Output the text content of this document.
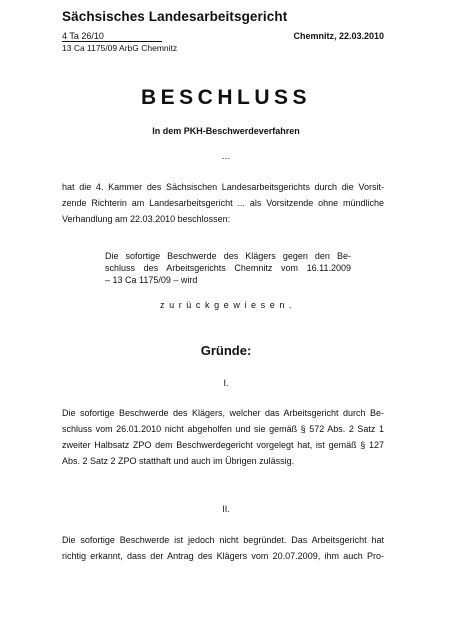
Sächsisches Landesarbeitsgericht
4 Ta 26/10	Chemnitz, 22.03.2010
13 Ca 1175/09 ArbG Chemnitz
BESCHLUSS
In dem PKH-Beschwerdeverfahren
…
hat die 4. Kammer des Sächsischen Landesarbeitsgerichts durch die Vorsit-
zende Richterin am Landesarbeitsgericht ... als Vorsitzende ohne mündliche
Verhandlung am 22.03.2010 beschlossen:
Die sofortige Beschwerde des Klägers gegen den Be-
schluss des Arbeitsgerichts Chemnitz vom 16.11.2009
– 13 Ca 1175/09 – wird
zurückgewiesen.
Gründe:
I.
Die sofortige Beschwerde des Klägers, welcher das Arbeitsgericht durch Be-
schluss vom 26.01.2010 nicht abgeholfen und sie gemäß § 572 Abs. 2 Satz 1
zweiter Halbsatz ZPO dem Beschwerdegericht vorgelegt hat, ist gemäß § 127
Abs. 2 Satz 2 ZPO statthaft und auch im Übrigen zulässig.
II.
Die sofortige Beschwerde ist jedoch nicht begründet. Das Arbeitsgericht hat
richtig erkannt, dass der Antrag des Klägers vom 20.07.2009, ihm auch Pro-
